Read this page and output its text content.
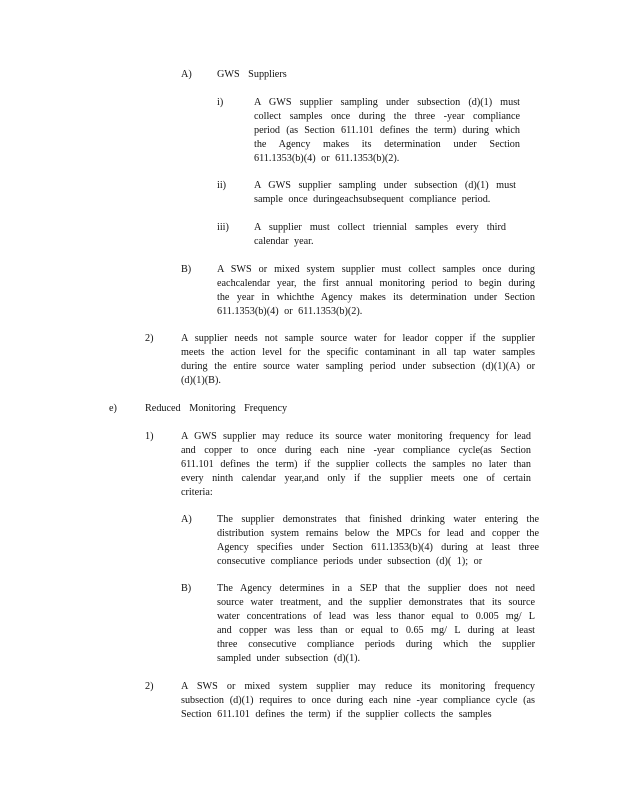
A) GWS Suppliers
i)	A GWS supplier sampling under subsection (d)(1) must collect samples once during the three -year compliance period (as Section 611.101 defines the term) during which the Agency makes its determination under Section 611.1353(b)(4) or 611.1353(b)(2).
ii)	A GWS supplier sampling under subsection (d)(1) must sample once duringeachsubsequent compliance period.
iii) A supplier must collect triennial samples every third calendar year.
B)	A SWS or mixed system supplier must collect samples once during eachcalendar year, the first annual monitoring period to begin during the year in whichthe Agency makes its determination under Section 611.1353(b)(4) or 611.1353(b)(2).
2)	A supplier needs not sample source water for leador copper if the supplier meets the action level for the specific contaminant in all tap water samples during the entire source water sampling period under subsection (d)(1)(A) or (d)(1)(B).
e)	Reduced Monitoring Frequency
1)	A GWS supplier may reduce its source water monitoring frequency for lead and copper to once during each nine -year compliance cycle(as Section 611.101 defines the term) if the supplier collects the samples no later than every ninth calendar year,and only if the supplier meets one of certain criteria:
A) The supplier demonstrates that finished drinking water entering the distribution system remains below the MPCs for lead and copper the Agency specifies under Section 611.1353(b)(4) during at least three consecutive compliance periods under subsection (d)( 1); or
B)	The Agency determines in a SEP that the supplier does not need source water treatment, and the supplier demonstrates that its source water concentrations of lead was less thanor equal to 0.005 mg/ L and copper was less than or equal to 0.65 mg/ L during at least three consecutive compliance periods during which the supplier sampled under subsection (d)(1).
2)	A SWS or mixed system supplier may reduce its monitoring frequency subsection (d)(1) requires to once during each nine -year compliance cycle (as Section 611.101 defines the term) if the supplier collects the samples
